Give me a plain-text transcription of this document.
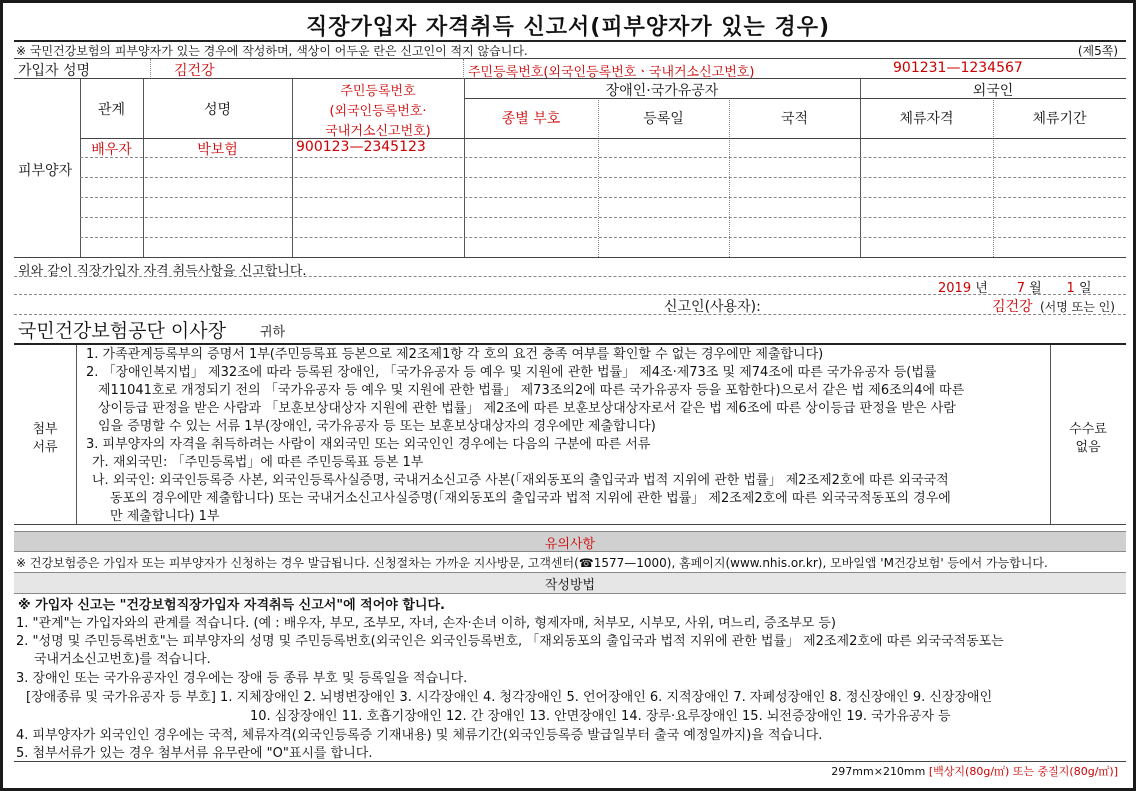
직장가입자 자격취득 신고서(피부양자가 있는 경우)
※ 국민건강보험의 피부양자가 있는 경우에 작성하며, 색상이 어두운 란은 신고인이 적지 않습니다.	(제5쪽)
가입자 성명	김건강	주민등록번호(외국인등록번호ㆍ국내거소신고번호)	901231—1234567
피부양자
관계	성명
주민등록번호
(외국인등록번호·
국내거소신고번호)
장애인·국가유공자	외국인
종별 부호	등록일	국적	체류자격	체류기간
배우자	박보험	900123—2345123
위와 같이 직장가입자 자격 취득사항을 신고합니다.
2019 년 7 월 1 일
신고인(사용자):	김건강 (서명 또는 인)
국민건강보험공단 이사장	귀하
첨부
서류
수수료
없음
1. 가족관계등록부의 증명서 1부(주민등록표 등본으로 제2조제1항 각 호의 요건 충족 여부를 확인할 수 없는 경우에만 제출합니다)
2. 「장애인복지법」 제32조에 따라 등록된 장애인, 「국가유공자 등 예우 및 지원에 관한 법률」 제4조·제73조 및 제74조에 따른 국가유공자 등(법률
제11041호로 개정되기 전의 「국가유공자 등 예우 및 지원에 관한 법률」 제73조의2에 따른 국가유공자 등을 포함한다)으로서 같은 법 제6조의4에 따른
상이등급 판정을 받은 사람과 「보훈보상대상자 지원에 관한 법률」 제2조에 따른 보훈보상대상자로서 같은 법 제6조에 따른 상이등급 판정을 받은 사람
임을 증명할 수 있는 서류 1부(장애인, 국가유공자 등 또는 보훈보상대상자의 경우에만 제출합니다)
3. 피부양자의 자격을 취득하려는 사람이 재외국민 또는 외국인인 경우에는 다음의 구분에 따른 서류
가. 재외국민: 「주민등록법」에 따른 주민등록표 등본 1부
나. 외국인: 외국인등록증 사본, 외국인등록사실증명, 국내거소신고증 사본(「재외동포의 출입국과 법적 지위에 관한 법률」 제2조제2호에 따른 외국국적
동포의 경우에만 제출합니다) 또는 국내거소신고사실증명(「재외동포의 출입국과 법적 지위에 관한 법률」 제2조제2호에 따른 외국국적동포의 경우에
만 제출합니다) 1부
유의사항
※ 건강보험증은 가입자 또는 피부양자가 신청하는 경우 발급됩니다. 신청절차는 가까운 지사방문, 고객센터(☎1577—1000), 홈페이지(www.nhis.or.kr), 모바일앱 'M건강보험' 등에서 가능합니다.
작성방법
※ 가입자 신고는 "건강보험직장가입자 자격취득 신고서"에 적어야 합니다.
1. "관계"는 가입자와의 관계를 적습니다. (예 : 배우자, 부모, 조부모, 자녀, 손자·손녀 이하, 형제자매, 처부모, 시부모, 사위, 며느리, 증조부모 등)
2. "성명 및 주민등록번호"는 피부양자의 성명 및 주민등록번호(외국인은 외국인등록번호, 「재외동포의 출입국과 법적 지위에 관한 법률」 제2조제2호에 따른 외국국적동포는
국내거소신고번호)를 적습니다.
3. 장애인 또는 국가유공자인 경우에는 장애 등 종류 부호 및 등록일을 적습니다.
[장애종류 및 국가유공자 등 부호] 1. 지체장애인 2. 뇌병변장애인 3. 시각장애인 4. 청각장애인 5. 언어장애인 6. 지적장애인 7. 자폐성장애인 8. 정신장애인 9. 신장장애인
10. 심장장애인 11. 호흡기장애인 12. 간 장애인 13. 안면장애인 14. 장루·요루장애인 15. 뇌전증장애인 19. 국가유공자 등
4. 피부양자가 외국인인 경우에는 국적, 체류자격(외국인등록증 기재내용) 및 체류기간(외국인등록증 발급일부터 출국 예정일까지)을 적습니다.
5. 첨부서류가 있는 경우 첨부서류 유무란에 "O"표시를 합니다.
297mm×210mm [백상지(80g/㎡) 또는 중질지(80g/㎡)]
